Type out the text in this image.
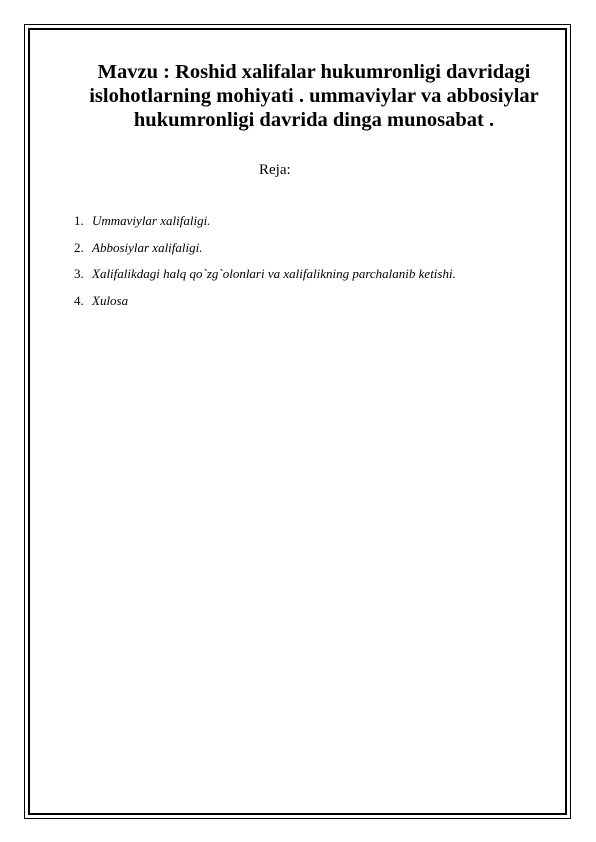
Mavzu : Roshid xalifalar hukumronligi davridagi islohotlarning mohiyati . ummaviylar va abbosiylar hukumronligi davrida dinga munosabat .

Reja:

1. Ummaviylar xalifaligi.
2. Abbosiylar xalifaligi.
3. Xalifalikdagi halq qo`zg`olonlari va xalifalikning parchalanib ketishi.
4. Xulosa
